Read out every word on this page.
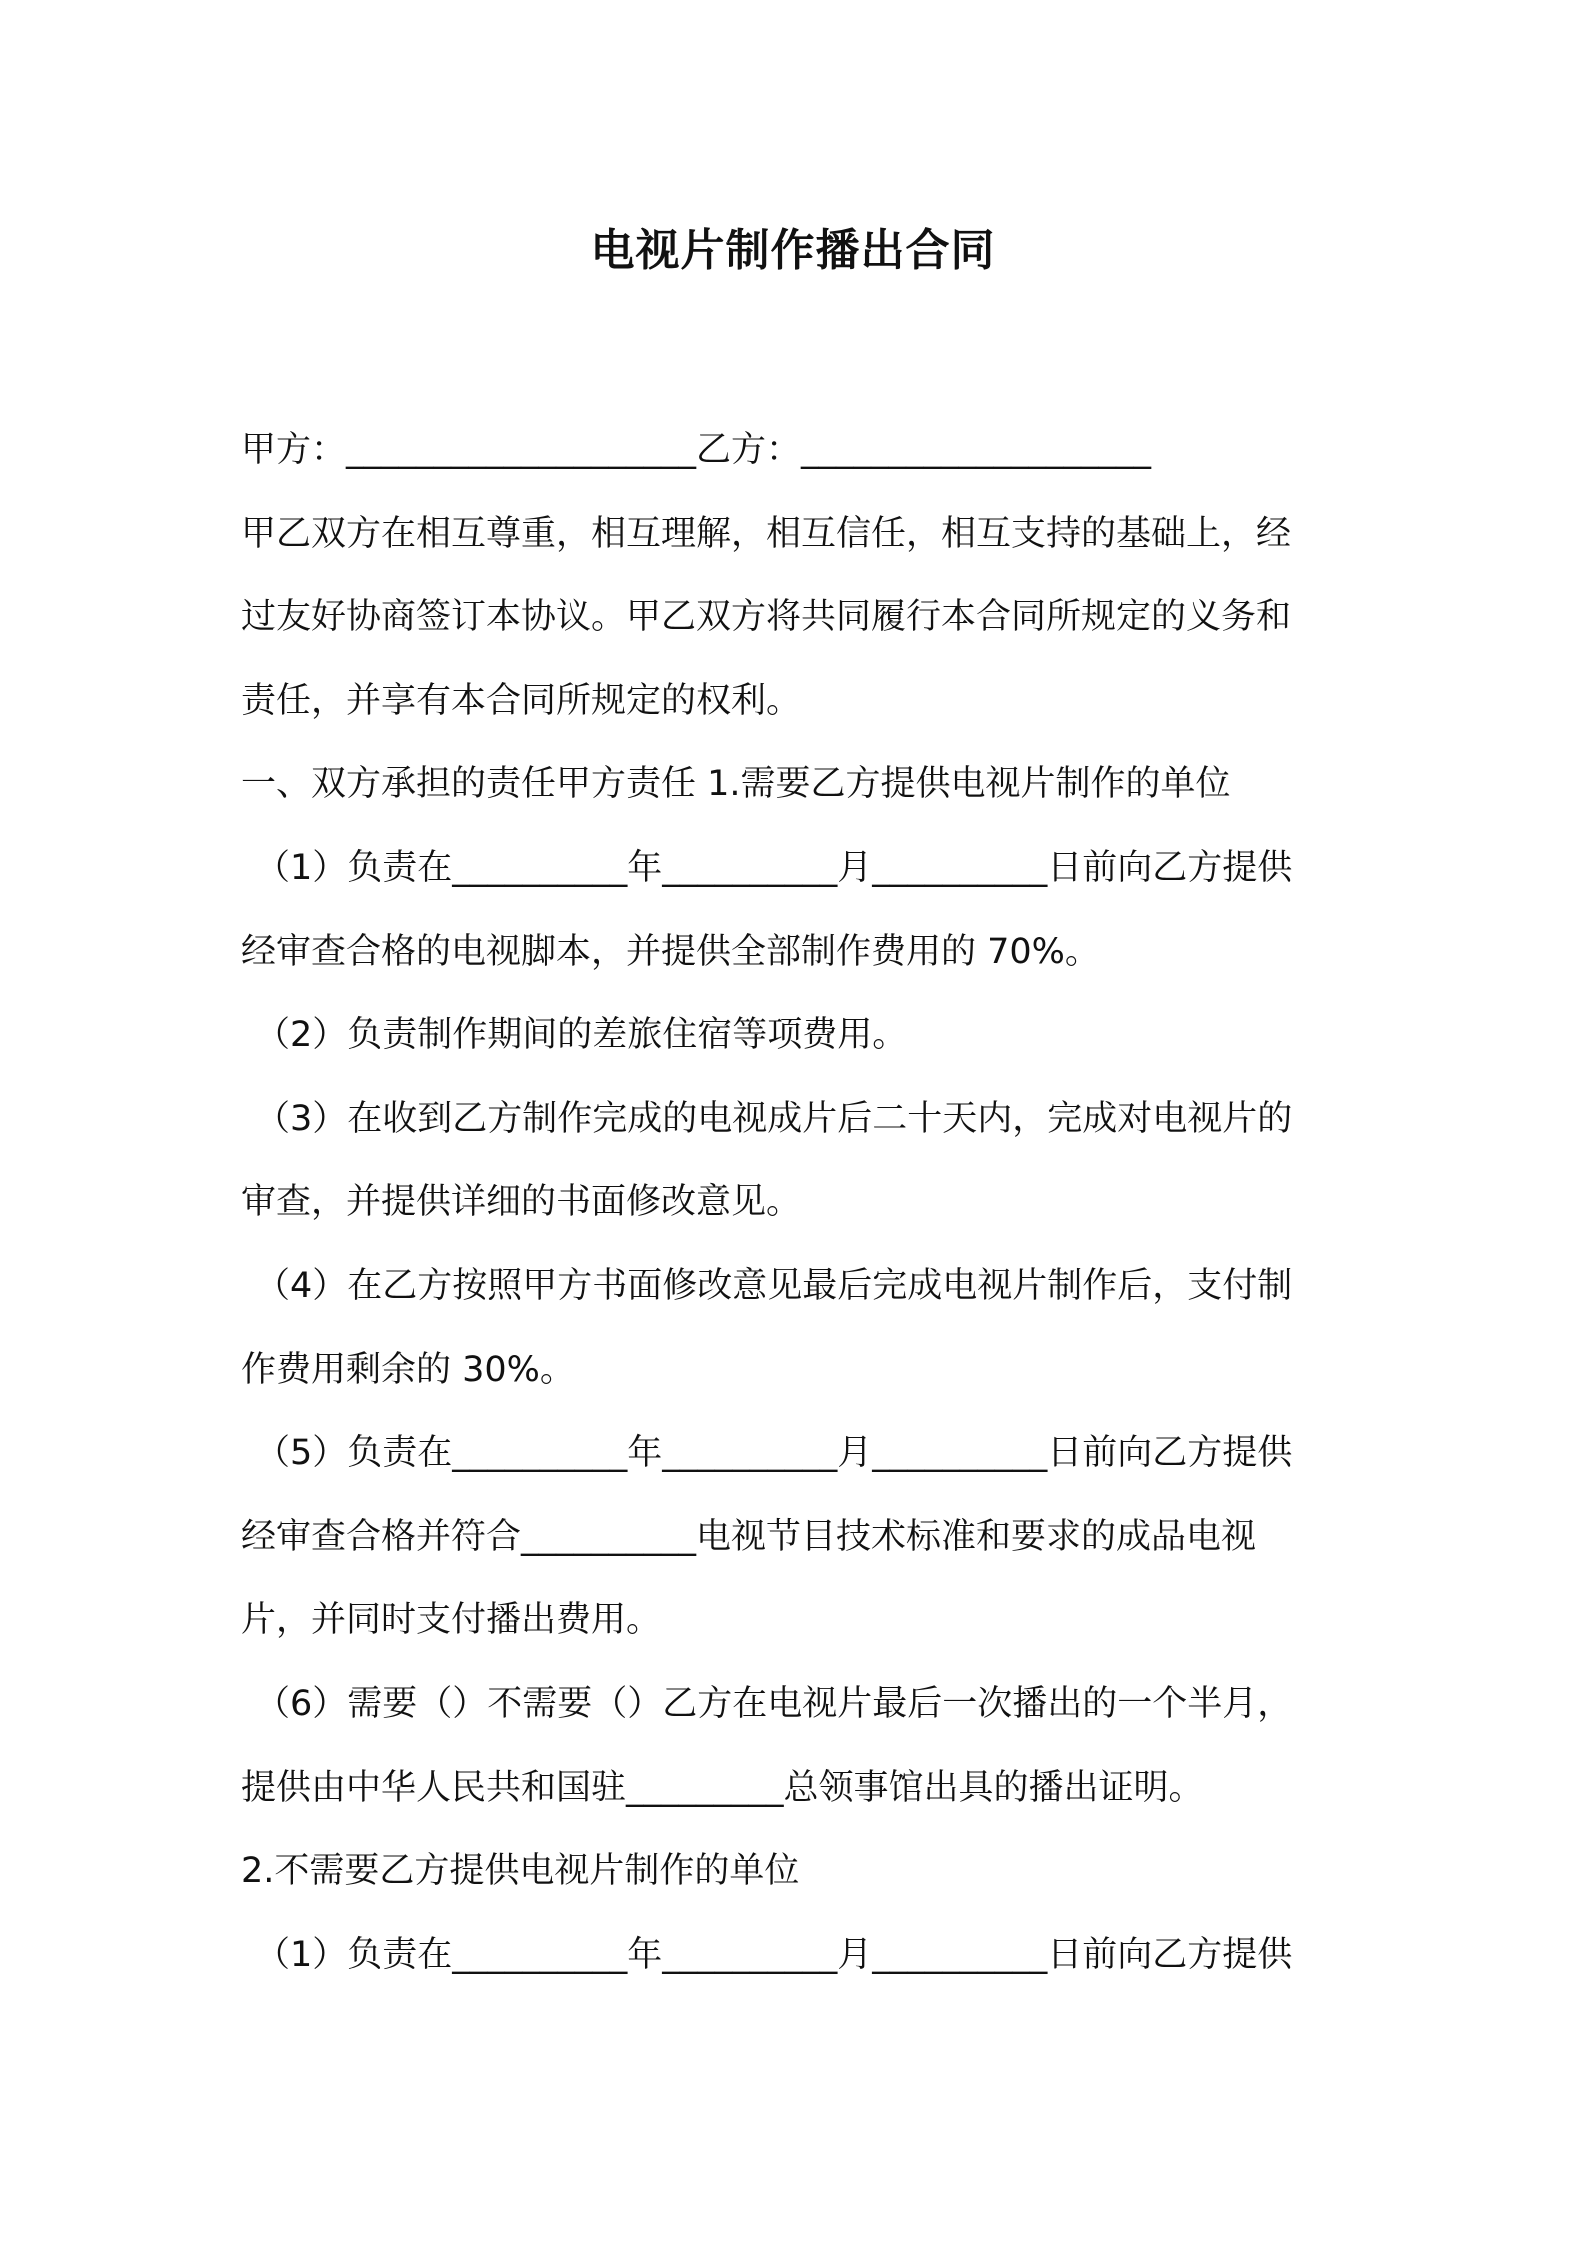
电视片制作播出合同
甲方：____________________乙方：____________________
甲乙双方在相互尊重，相互理解，相互信任，相互支持的基础上，经
过友好协商签订本协议。甲乙双方将共同履行本合同所规定的义务和
责任，并享有本合同所规定的权利。
一、双方承担的责任甲方责任 1.需要乙方提供电视片制作的单位
（1）负责在__________年__________月__________日前向乙方提供
经审查合格的电视脚本，并提供全部制作费用的 70%。
（2）负责制作期间的差旅住宿等项费用。
（3）在收到乙方制作完成的电视成片后二十天内，完成对电视片的
审查，并提供详细的书面修改意见。
（4）在乙方按照甲方书面修改意见最后完成电视片制作后，支付制
作费用剩余的 30%。
（5）负责在__________年__________月__________日前向乙方提供
经审查合格并符合__________电视节目技术标准和要求的成品电视
片，并同时支付播出费用。
（6）需要（）不需要（）乙方在电视片最后一次播出的一个半月，
提供由中华人民共和国驻_________总领事馆出具的播出证明。
2.不需要乙方提供电视片制作的单位
（1）负责在__________年__________月__________日前向乙方提供
